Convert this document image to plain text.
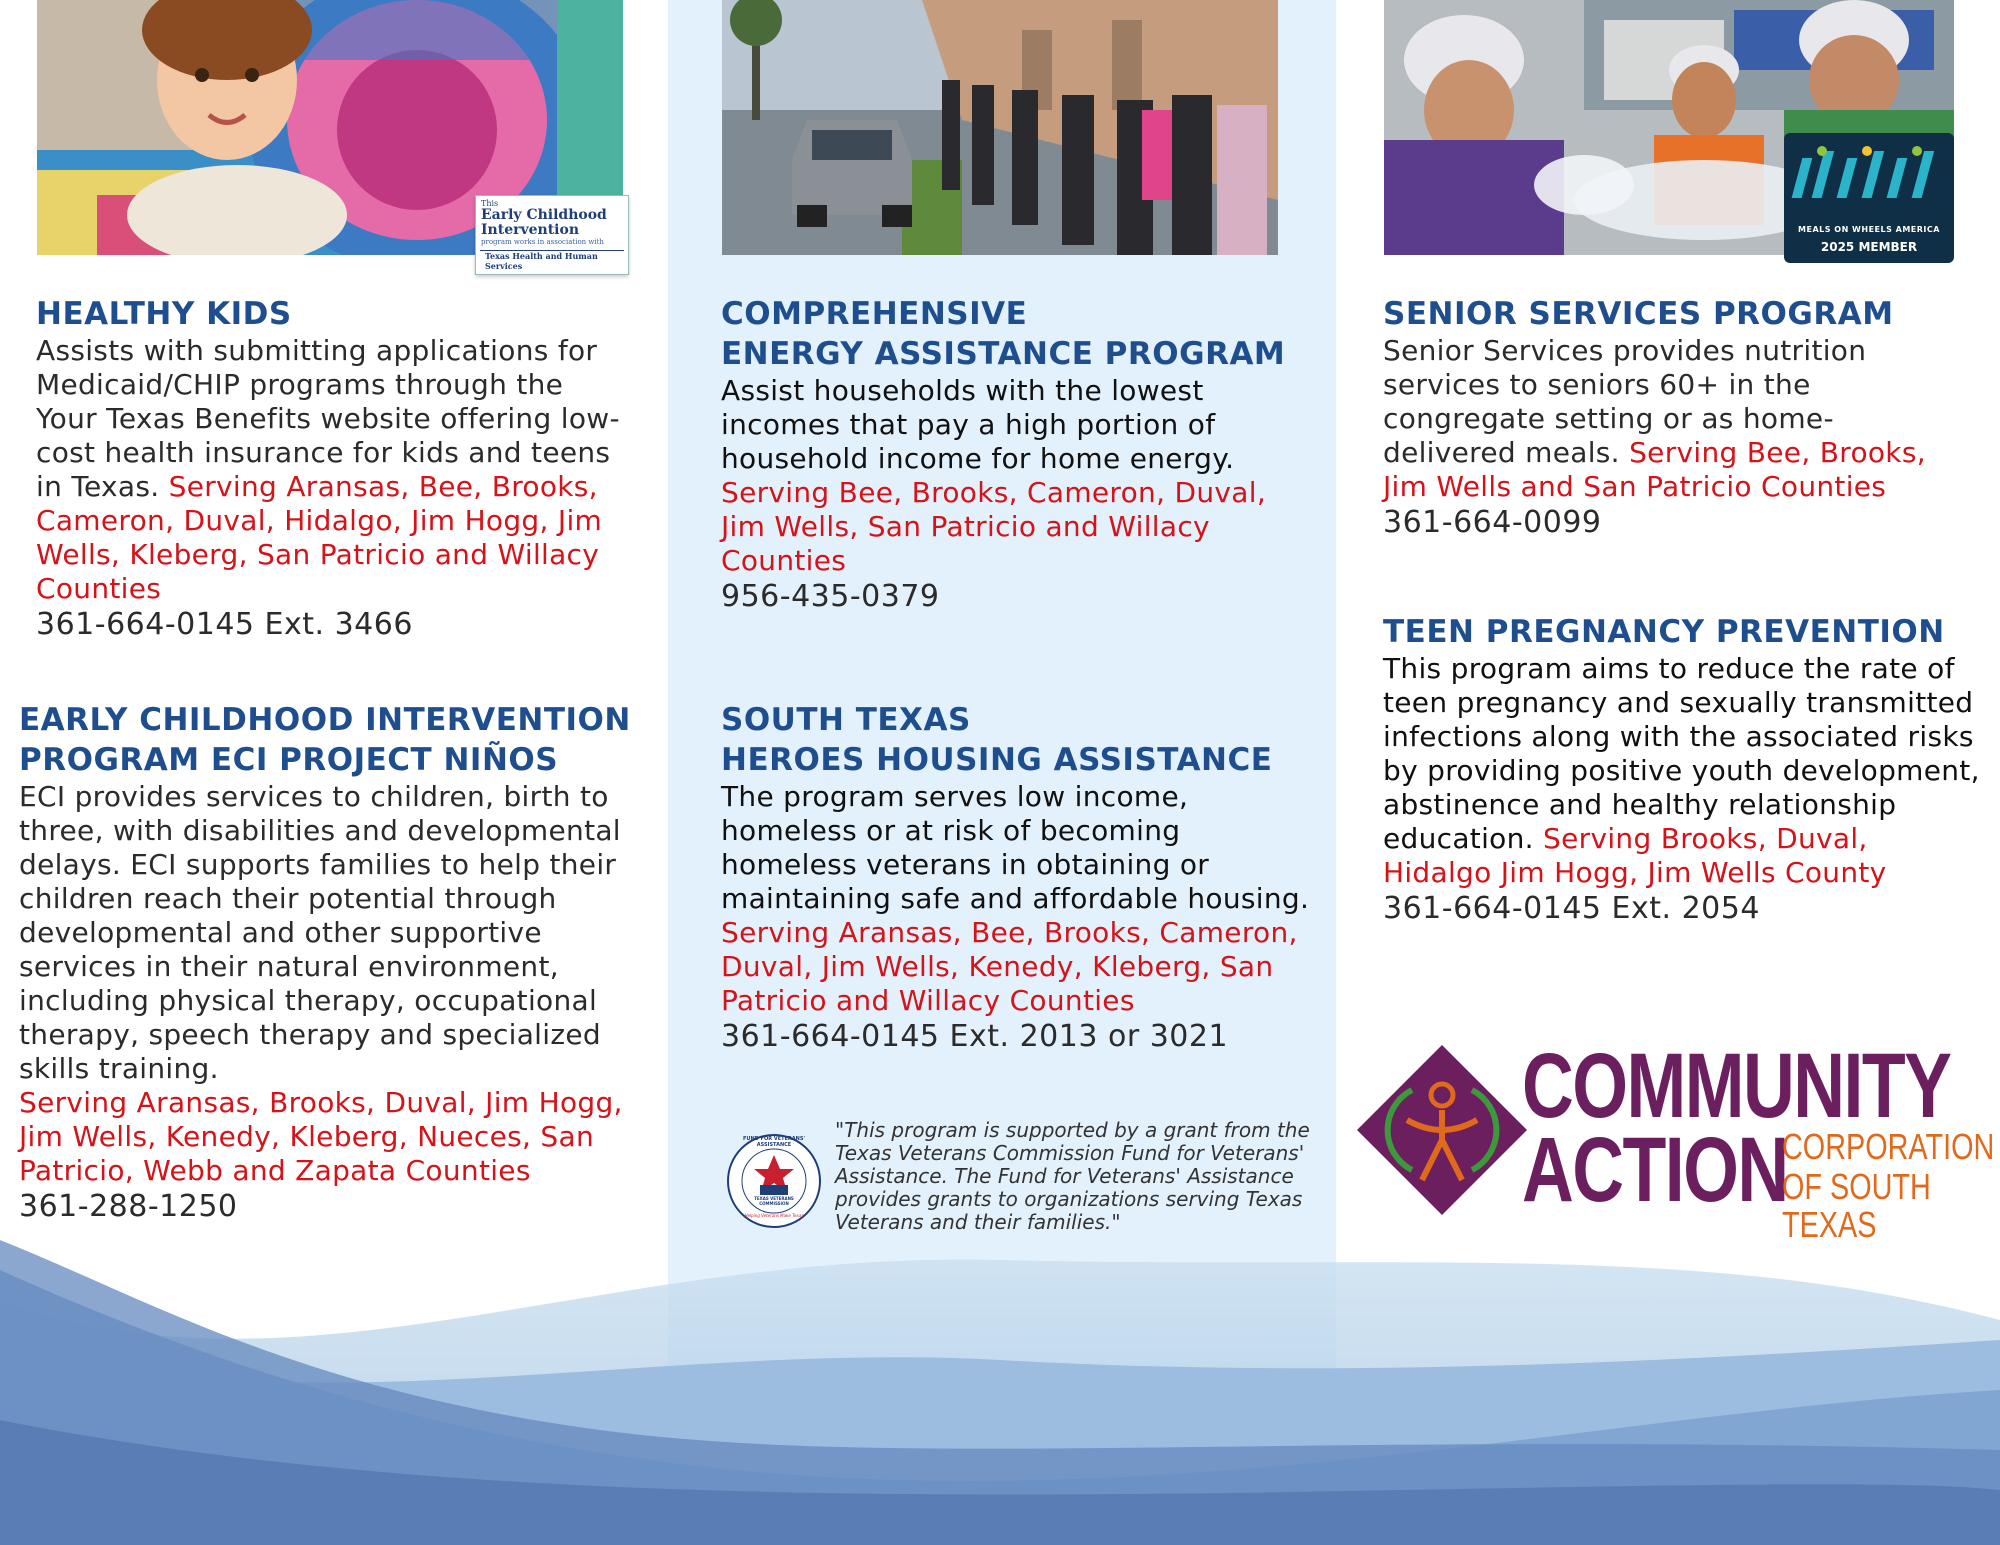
This
Early Childhood
Intervention
program works in association with
Texas Health and Human Services
HEALTHY KIDS

Assists with submitting applications for Medicaid/CHIP programs through the Your Texas Benefits website offering low-cost health insurance for kids and teens in Texas. Serving Aransas, Bee, Brooks, Cameron, Duval, Hidalgo, Jim Hogg, Jim Wells, Kleberg, San Patricio and Willacy Counties

361-664-0145 Ext. 3466

EARLY CHILDHOOD INTERVENTION
PROGRAM ECI PROJECT NIÑOS

ECI provides services to children, birth to three, with disabilities and developmental delays. ECI supports families to help their children reach their potential through developmental and other supportive services in their natural environment, including physical therapy, occupational therapy, speech therapy and specialized skills training.
Serving Aransas, Brooks, Duval, Jim Hogg, Jim Wells, Kenedy, Kleberg, Nueces, San Patricio, Webb and Zapata Counties

361-288-1250

COMPREHENSIVE
ENERGY ASSISTANCE PROGRAM

Assist households with the lowest incomes that pay a high portion of household income for home energy.
Serving Bee, Brooks, Cameron, Duval, Jim Wells, San Patricio and Willacy Counties

956-435-0379

SOUTH TEXAS
HEROES HOUSING ASSISTANCE

The program serves low income, homeless or at risk of becoming homeless veterans in obtaining or maintaining safe and affordable housing.
Serving Aransas, Bee, Brooks, Cameron, Duval, Jim Wells, Kenedy, Kleberg, San Patricio and Willacy Counties

361-664-0145 Ext. 2013 or 3021

FUND FOR VETERANS' ASSISTANCE
TEXAS VETERANS COMMISSION
Helping Veterans Make Texas

"This program is supported by a grant from the Texas Veterans Commission Fund for Veterans' Assistance. The Fund for Veterans' Assistance provides grants to organizations serving Texas Veterans and their families."

MEALS ON WHEELS AMERICA
2025 MEMBER
SENIOR SERVICES PROGRAM

Senior Services provides nutrition services to seniors 60+ in the congregate setting or as home-delivered meals. Serving Bee, Brooks, Jim Wells and San Patricio Counties

361-664-0099

TEEN PREGNANCY PREVENTION

This program aims to reduce the rate of teen pregnancy and sexually transmitted infections along with the associated risks by providing positive youth development, abstinence and healthy relationship education. Serving Brooks, Duval, Hidalgo Jim Hogg, Jim Wells County

361-664-0145 Ext. 2054

COMMUNITY
ACTION
CORPORATION
OF SOUTH TEXAS
